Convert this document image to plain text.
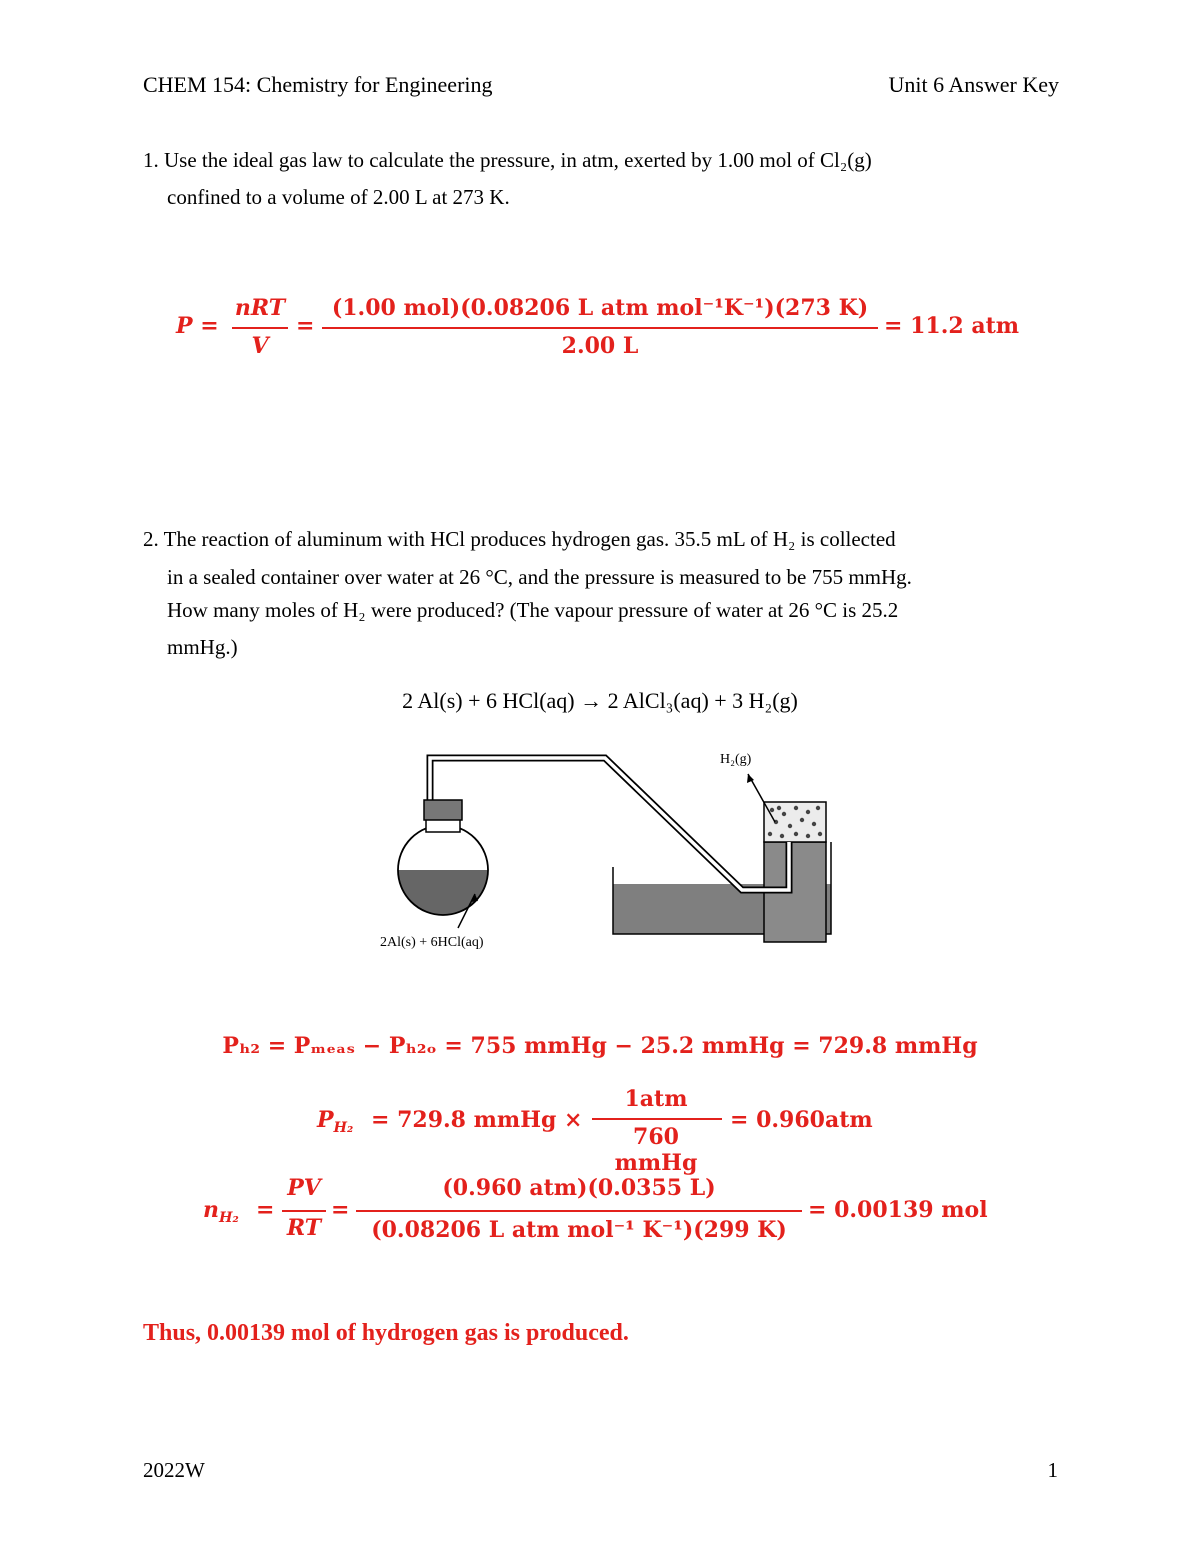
CHEM 154: Chemistry for Engineering	Unit 6 Answer Key
1. Use the ideal gas law to calculate the pressure, in atm, exerted by 1.00 mol of Cl₂(g)
confined to a volume of 2.00 L at 273 K.
P =
nRT
V
=
(1.00 mol)(0.08206 L atm mol⁻¹K⁻¹)(273 K)
2.00 L
= 11.2 atm
2. The reaction of aluminum with HCl produces hydrogen gas. 35.5 mL of H₂ is collected
in a sealed container over water at 26 °C, and the pressure is measured to be 755 mmHg.
How many moles of H₂ were produced? (The vapour pressure of water at 26 °C is 25.2
mmHg.)
2 Al(s) + 6 HCl(aq) → 2 AlCl₃(aq) + 3 H₂(g)
2Al(s) + 6HCl(aq)
H₂(g)
Pₕ₂ = Pₘₑₐₛ − Pₕ₂ₒ = 755 mmHg − 25.2 mmHg = 729.8 mmHg
$P_{H_2} = 729.8$ mmHg ×
1atm
760 mmHg
= 0.960atm
$n_{H_2}$ =
PV
RT
=
(0.960 atm)(0.0355 L)
(0.08206 L atm mol⁻¹ K⁻¹)(299 K)
= 0.00139 mol
Thus, 0.00139 mol of hydrogen gas is produced.
2022W	1
